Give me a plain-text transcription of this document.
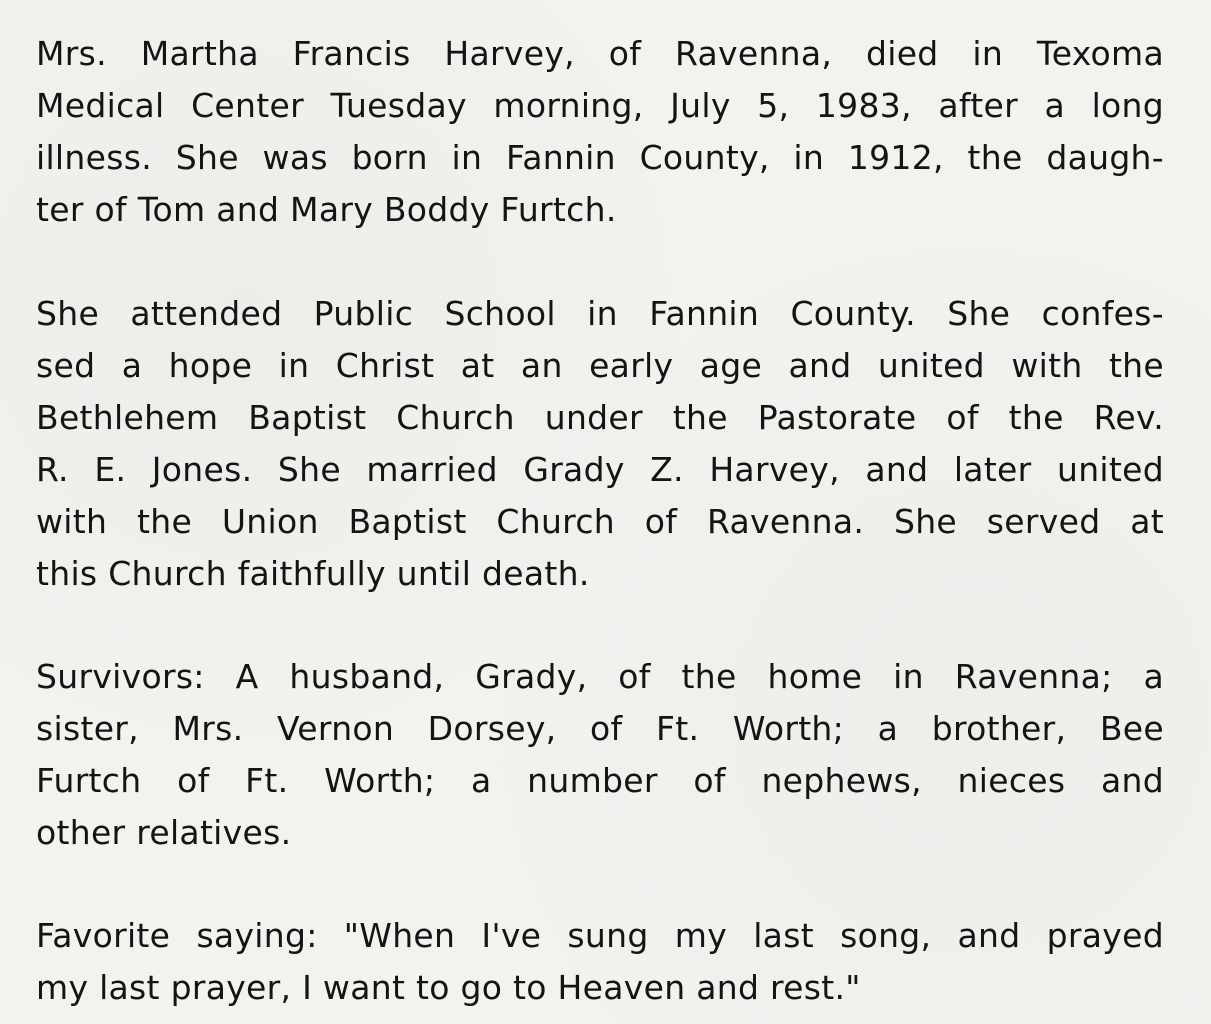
Mrs. Martha Francis Harvey, of Ravenna, died in Texoma
Medical Center Tuesday morning, July 5, 1983, after a long
illness. She was born in Fannin County, in 1912, the daugh-
ter of Tom and Mary Boddy Furtch.

She attended Public School in Fannin County. She confes-
sed a hope in Christ at an early age and united with the
Bethlehem Baptist Church under the Pastorate of the Rev.
R. E. Jones. She married Grady Z. Harvey, and later united
with the Union Baptist Church of Ravenna. She served at
this Church faithfully until death.

Survivors: A husband, Grady, of the home in Ravenna; a
sister, Mrs. Vernon Dorsey, of Ft. Worth; a brother, Bee
Furtch of Ft. Worth; a number of nephews, nieces and
other relatives.

Favorite saying: "When I've sung my last song, and prayed
my last prayer, I want to go to Heaven and rest."
